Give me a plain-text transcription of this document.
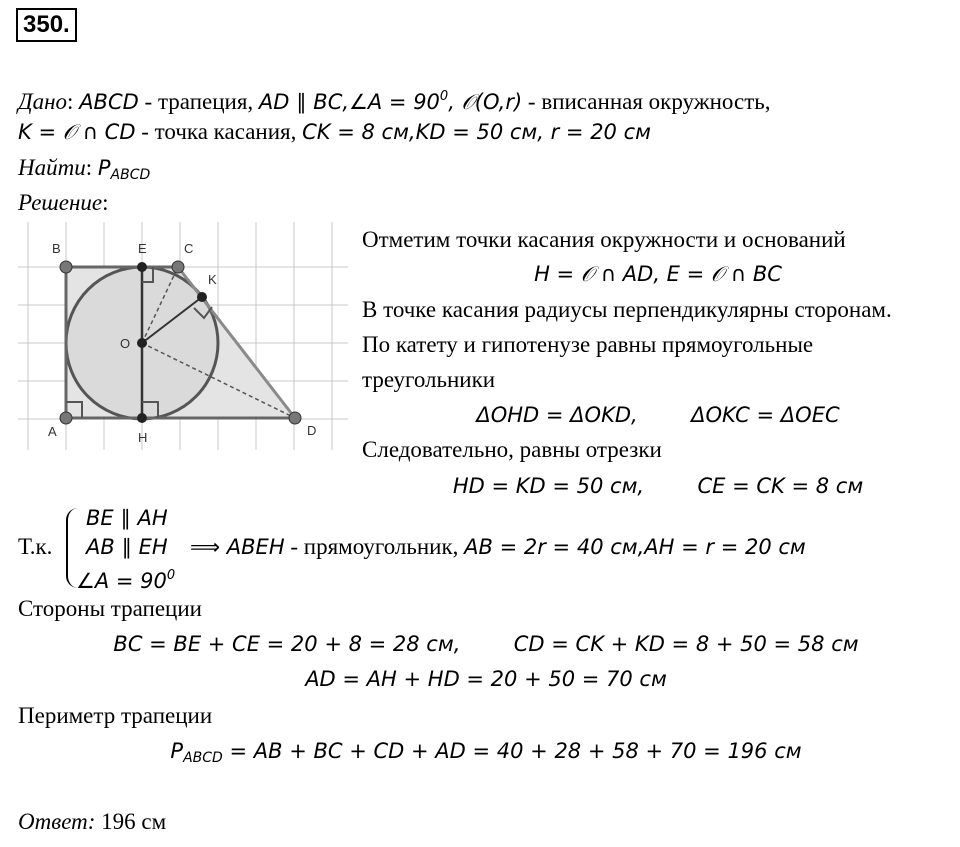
350.
Дано: ABCD - трапеция, AD ∥ BC,∠A = $90^0$, 𝒪(O,r) - вписанная окружность,
K = 𝒪 ∩ CD - точка касания, CK = 8 см,KD = 50 см, r = 20 см
Найти: $P_{ABCD}$
Решение:
B	E	C
K
O
A	H	D
Отметим точки касания окружности и оснований
H = 𝒪 ∩ AD, E = 𝒪 ∩ BC
В точке касания радиусы перпендикулярны сторонам.
По катету и гипотенузе равны прямоугольные
треугольники
ΔOHD = ΔOKD,        ΔOKC = ΔOEC
Следовательно, равны отрезки
HD = KD = 50 см,        CE = CK = 8 см
Т.к.
BE ∥ AH
AB ∥ EH
∠A = $90^0$
⟹ ABEH - прямоугольник, AB = 2r = 40 см,AH = r = 20 см
Стороны трапеции
BC = BE + CE = 20 + 8 = 28 см,        CD = CK + KD = 8 + 50 = 58 см
AD = AH + HD = 20 + 50 = 70 см
Периметр трапеции
PABCD = AB + BC + CD + AD = 40 + 28 + 58 + 70 = 196 см
Ответ: 196 см
